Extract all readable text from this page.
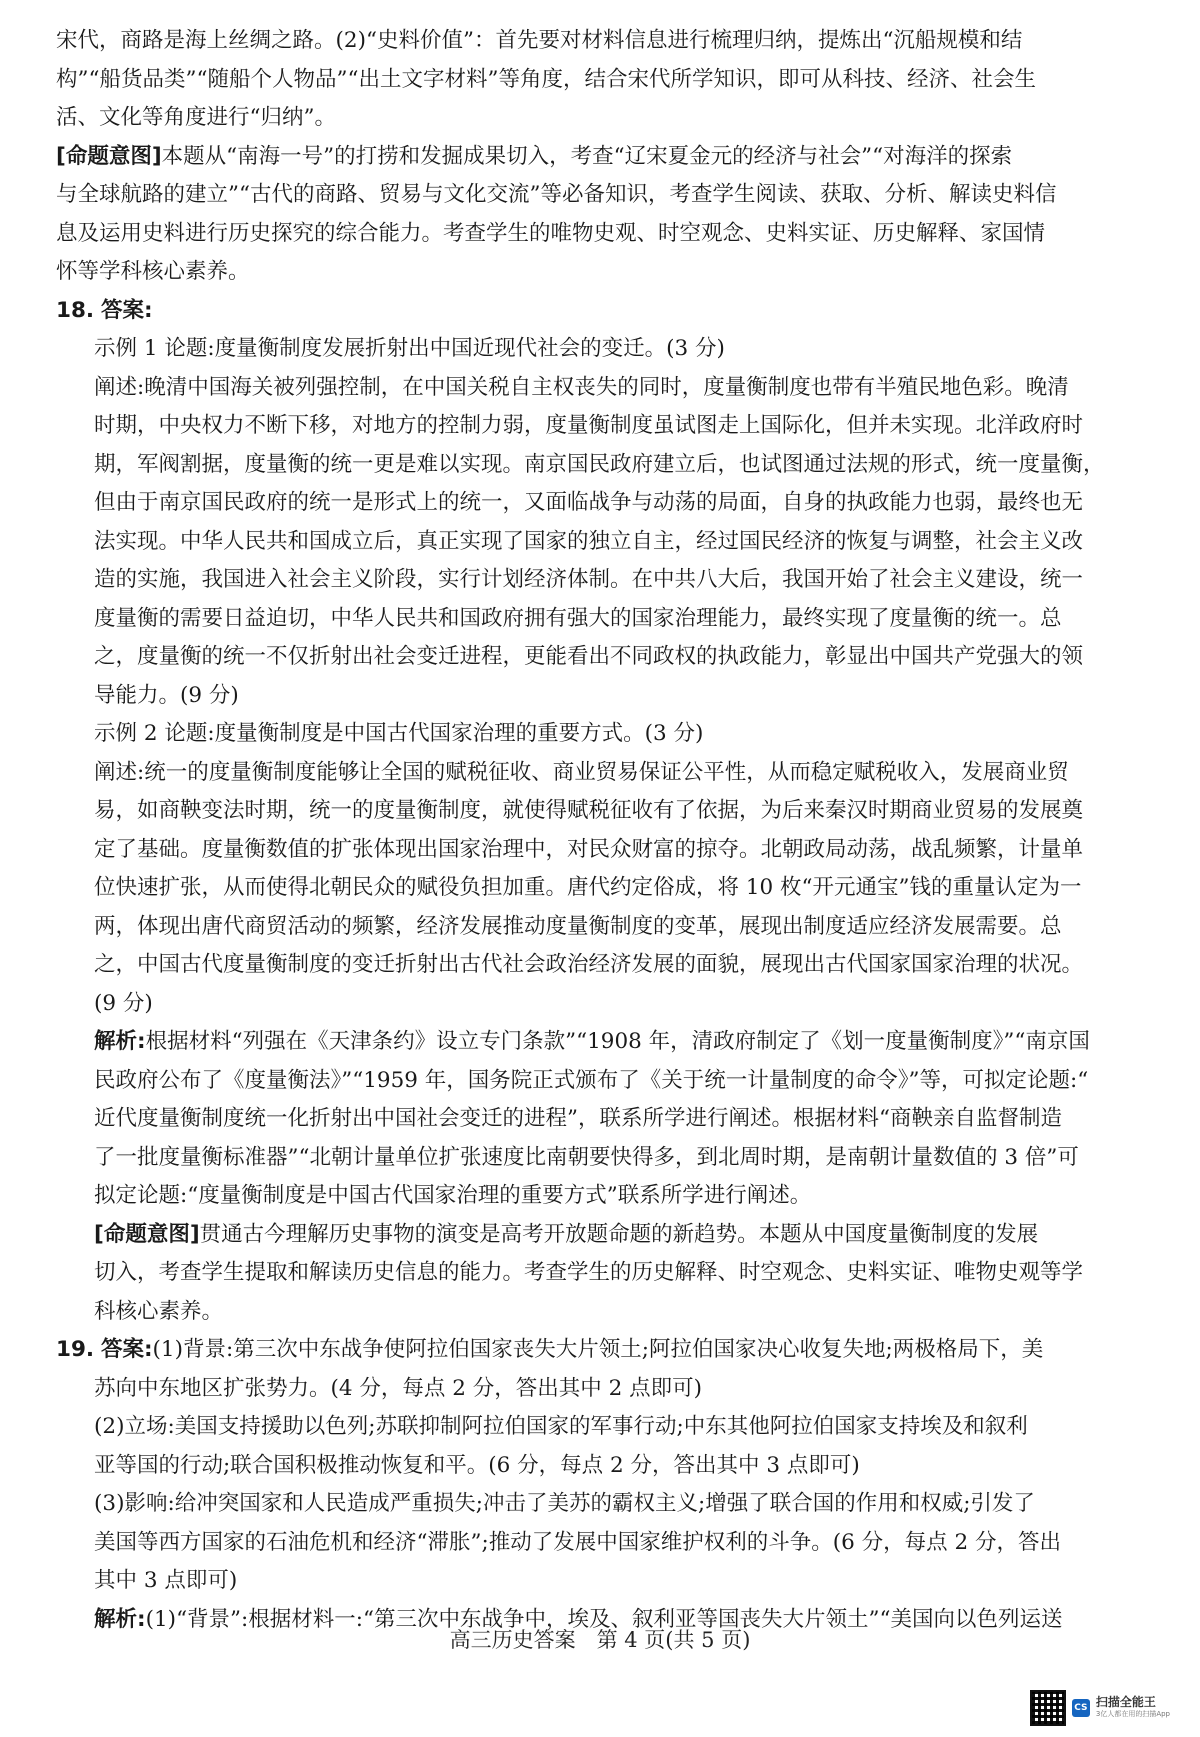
宋代，商路是海上丝绸之路。(2)“史料价值”：首先要对材料信息进行梳理归纳，提炼出“沉船规模和结

构”“船货品类”“随船个人物品”“出土文字材料”等角度，结合宋代所学知识，即可从科技、经济、社会生

活、文化等角度进行“归纳”。

[命题意图]本题从“南海一号”的打捞和发掘成果切入，考查“辽宋夏金元的经济与社会”“对海洋的探索

与全球航路的建立”“古代的商路、贸易与文化交流”等必备知识，考查学生阅读、获取、分析、解读史料信

息及运用史料进行历史探究的综合能力。考查学生的唯物史观、时空观念、史料实证、历史解释、家国情

怀等学科核心素养。

18. 答案:

示例 1 论题:度量衡制度发展折射出中国近现代社会的变迁。(3 分)

阐述:晚清中国海关被列强控制，在中国关税自主权丧失的同时，度量衡制度也带有半殖民地色彩。晚清

时期，中央权力不断下移，对地方的控制力弱，度量衡制度虽试图走上国际化，但并未实现。北洋政府时

期，军阀割据，度量衡的统一更是难以实现。南京国民政府建立后，也试图通过法规的形式，统一度量衡，

但由于南京国民政府的统一是形式上的统一，又面临战争与动荡的局面，自身的执政能力也弱，最终也无

法实现。中华人民共和国成立后，真正实现了国家的独立自主，经过国民经济的恢复与调整，社会主义改

造的实施，我国进入社会主义阶段，实行计划经济体制。在中共八大后，我国开始了社会主义建设，统一

度量衡的需要日益迫切，中华人民共和国政府拥有强大的国家治理能力，最终实现了度量衡的统一。总

之，度量衡的统一不仅折射出社会变迁进程，更能看出不同政权的执政能力，彰显出中国共产党强大的领

导能力。(9 分)

示例 2 论题:度量衡制度是中国古代国家治理的重要方式。(3 分)

阐述:统一的度量衡制度能够让全国的赋税征收、商业贸易保证公平性，从而稳定赋税收入，发展商业贸

易，如商鞅变法时期，统一的度量衡制度，就使得赋税征收有了依据，为后来秦汉时期商业贸易的发展奠

定了基础。度量衡数值的扩张体现出国家治理中，对民众财富的掠夺。北朝政局动荡，战乱频繁，计量单

位快速扩张，从而使得北朝民众的赋役负担加重。唐代约定俗成，将 10 枚“开元通宝”钱的重量认定为一

两，体现出唐代商贸活动的频繁，经济发展推动度量衡制度的变革，展现出制度适应经济发展需要。总

之，中国古代度量衡制度的变迁折射出古代社会政治经济发展的面貌，展现出古代国家国家治理的状况。

(9 分)

解析:根据材料“列强在《天津条约》设立专门条款”“1908 年，清政府制定了《划一度量衡制度》”“南京国

民政府公布了《度量衡法》”“1959 年，国务院正式颁布了《关于统一计量制度的命令》”等，可拟定论题:“

近代度量衡制度统一化折射出中国社会变迁的进程”，联系所学进行阐述。根据材料“商鞅亲自监督制造

了一批度量衡标准器”“北朝计量单位扩张速度比南朝要快得多，到北周时期，是南朝计量数值的 3 倍”可

拟定论题:“度量衡制度是中国古代国家治理的重要方式”联系所学进行阐述。

[命题意图]贯通古今理解历史事物的演变是高考开放题命题的新趋势。本题从中国度量衡制度的发展

切入，考查学生提取和解读历史信息的能力。考查学生的历史解释、时空观念、史料实证、唯物史观等学

科核心素养。

19. 答案:(1)背景:第三次中东战争使阿拉伯国家丧失大片领土;阿拉伯国家决心收复失地;两极格局下，美

苏向中东地区扩张势力。(4 分，每点 2 分，答出其中 2 点即可)

(2)立场:美国支持援助以色列;苏联抑制阿拉伯国家的军事行动;中东其他阿拉伯国家支持埃及和叙利

亚等国的行动;联合国积极推动恢复和平。(6 分，每点 2 分，答出其中 3 点即可)

(3)影响:给冲突国家和人民造成严重损失;冲击了美苏的霸权主义;增强了联合国的作用和权威;引发了

美国等西方国家的石油危机和经济“滞胀”;推动了发展中国家维护权利的斗争。(6 分，每点 2 分，答出

其中 3 点即可)

解析:(1)“背景”:根据材料一:“第三次中东战争中，埃及、叙利亚等国丧失大片领土”“美国向以色列运送

高三历史答案　第 4 页(共 5 页)
CS 扫描全能王
3亿人都在用的扫描App
